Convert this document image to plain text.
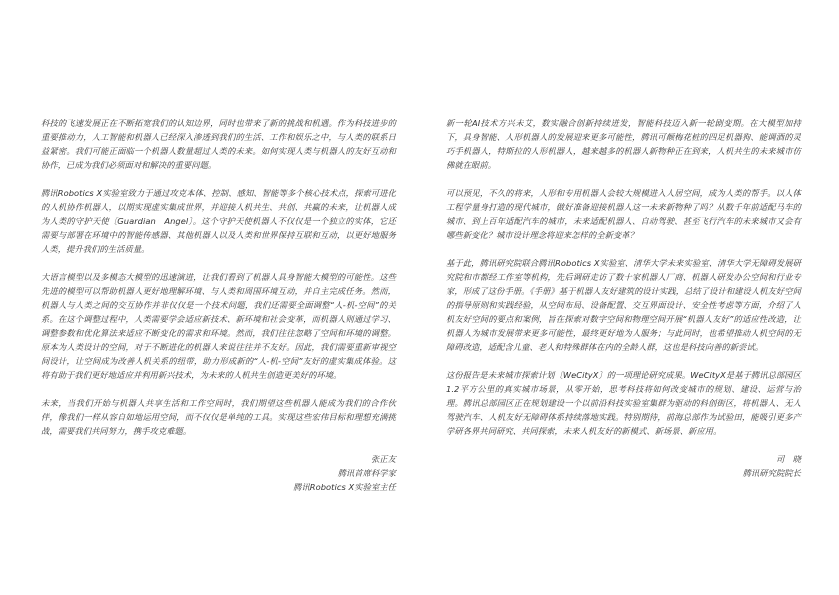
科技的飞速发展正在不断拓宽我们的认知边界，同时也带来了新的挑战和机遇。作为科技进步的重要推动力，人工智能和机器人已经深入渗透到我们的生活、工作和娱乐之中，与人类的联系日益紧密。我们可能正面临一个机器人数量超过人类的未来。如何实现人类与机器人的友好互动和协作，已成为我们必须面对和解决的重要问题。

腾讯Robotics X实验室致力于通过攻克本体、控制、感知、智能等多个核心技术点，探索可进化的人机协作机器人，以期实现虚实集成世界，并迎接人机共生、共创、共赢的未来，让机器人成为人类的守护天使〔Guardian　Angel〕。这个守护天使机器人不仅仅是一个独立的实体，它还需要与部署在环境中的智能传感器、其他机器人以及人类和世界保持互联和互动，以更好地服务人类，提升我们的生活质量。

大语言模型以及多模态大模型的迅速演进，让我们看到了机器人具身智能大模型的可能性。这些先进的模型可以帮助机器人更好地理解环境、与人类和周围环境互动，并自主完成任务。然而，机器人与人类之间的交互协作并非仅仅是一个技术问题，我们还需要全面调整“人-机-空间”的关系。在这个调整过程中，人类需要学会适应新技术、新环境和社会变革，而机器人则通过学习、调整参数和优化算法来适应不断变化的需求和环境。然而，我们往往忽略了空间和环境的调整。原本为人类设计的空间，对于不断进化的机器人来说往往并不友好。因此，我们需要重新审视空间设计，让空间成为改善人机关系的纽带，助力形成新的“人-机-空间”友好的虚实集成体验。这将有助于我们更好地适应并利用新兴技术，为未来的人机共生创造更美好的环境。

未来，当我们开始与机器人共享生活和工作空间时，我们期望这些机器人能成为我们的合作伙伴，像我们一样从容自如地运用空间，而不仅仅是单纯的工具。实现这些宏伟目标和理想充满挑战，需要我们共同努力，携手攻克难题。

张正友
腾讯首席科学家
腾讯Robotics X实验室主任

新一轮AI技术方兴未艾，数实融合创新持续迸发，智能科技迈入新一轮剧变期。在大模型加持下，具身智能、人形机器人的发展迎来更多可能性，腾讯可颠梅花桩的四足机器狗、能调酒的灵巧手机器人，特斯拉的人形机器人，越来越多的机器人新物种正在到来，人机共生的未来城市仿佛就在眼前。

可以预见，不久的将来，人形和专用机器人会较大规模进入人居空间，成为人类的帮手。以人体工程学量身打造的现代城市，做好准备迎接机器人这一未来新物种了吗？从数千年前适配马车的城市、到上百年适配汽车的城市，未来适配机器人、自动驾驶、甚至飞行汽车的未来城市又会有哪些新变化？城市设计理念将迎来怎样的全新变革？

基于此，腾讯研究院联合腾讯Robotics X实验室、清华大学未来实验室、清华大学无障碍发展研究院和市都经工作室等机构，先后调研走访了数十家机器人厂商、机器人研发办公空间和行业专家，形成了这份手册。《手册》基于机器人友好建筑的设计实践，总结了设计和建设人机友好空间的指导原则和实践经验，从空间布局、设备配置、交互界面设计、安全性考虑等方面，介绍了人机友好空间的要点和案例，旨在探索对数字空间和物理空间开展“机器人友好”的适应性改造，让机器人为城市发展带来更多可能性，最终更好地为人服务；与此同时，也希望推动人机空间的无障碍改造，适配含儿童、老人和特殊群体在内的全龄人群，这也是科技向善的新尝试。

这份报告是未来城市探索计划〔WeCityX〕的一项理论研究成果。WeCityX是基于腾讯总部园区1.2平方公里的真实城市场景，从零开始，思考科技将如何改变城市的规划、建设、运营与治理。腾讯总部园区正在规划建设一个以前沿科技实验室集群为驱动的科创街区，将机器人、无人驾驶汽车、人机友好无障碍体系持续落地实践。特别期待，前海总部作为试验田，能吸引更多产学研各界共同研究、共同探索，未来人机友好的新模式、新场景、新应用。

司　晓
腾讯研究院院长
